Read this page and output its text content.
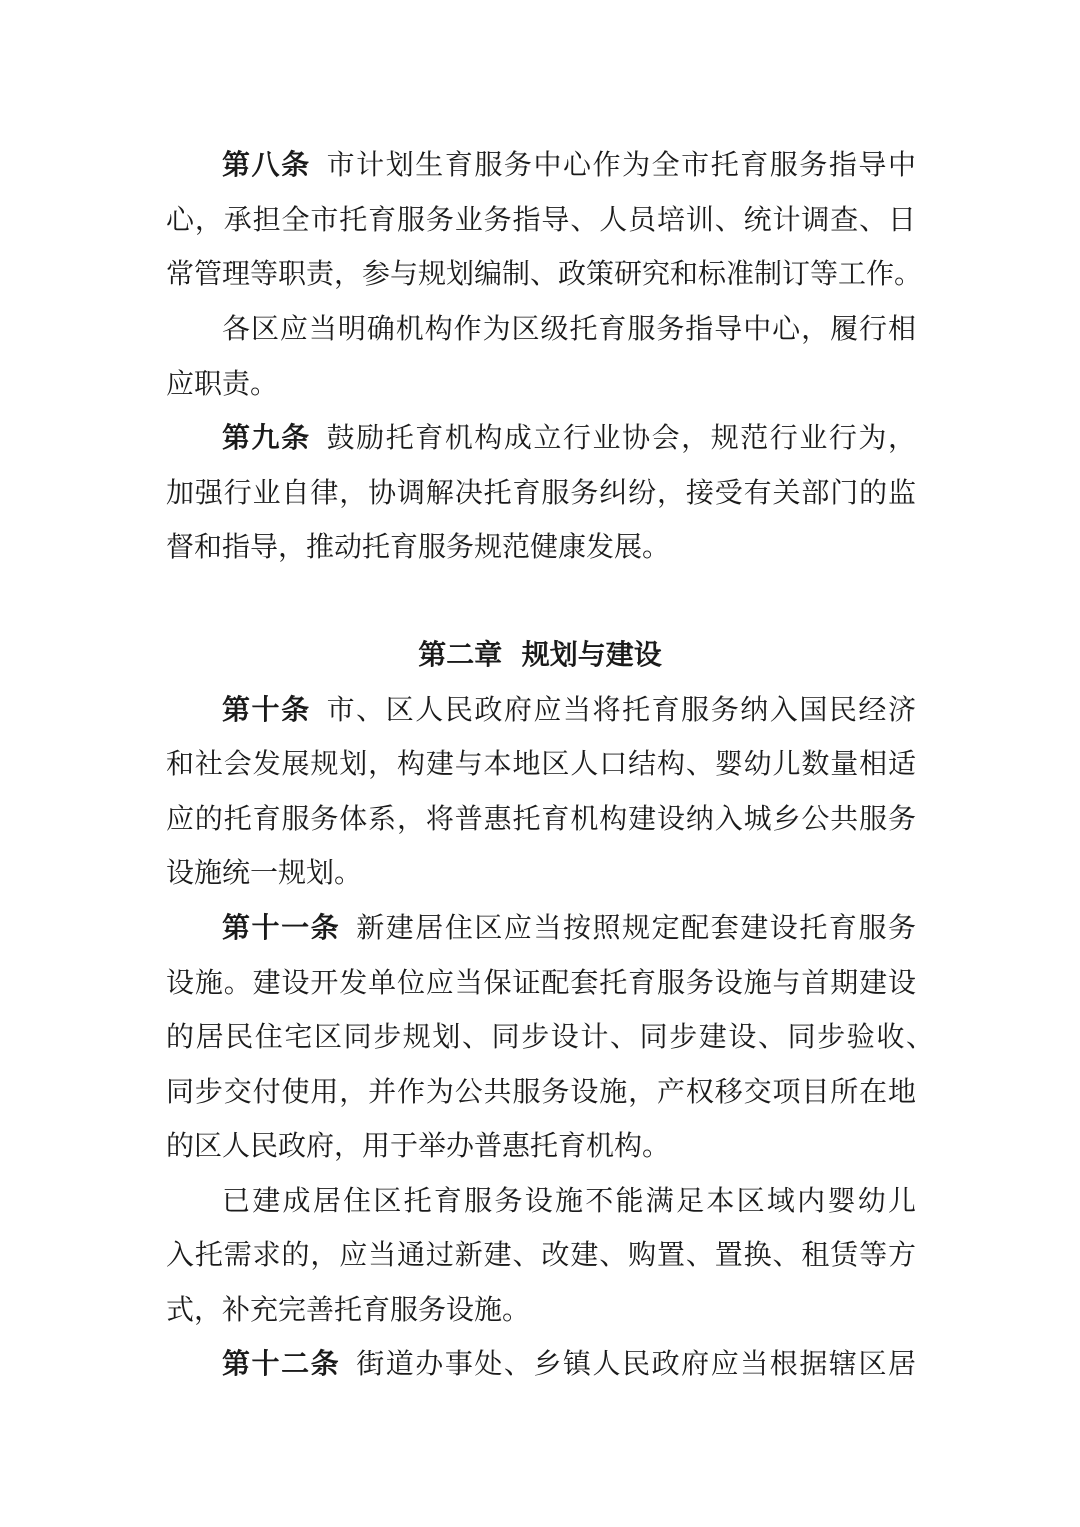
第八条 市计划生育服务中心作为全市托育服务指导中
心，承担全市托育服务业务指导、人员培训、统计调查、日
常管理等职责，参与规划编制、政策研究和标准制订等工作。
各区应当明确机构作为区级托育服务指导中心，履行相
应职责。
第九条 鼓励托育机构成立行业协会，规范行业行为，
加强行业自律，协调解决托育服务纠纷，接受有关部门的监
督和指导，推动托育服务规范健康发展。
第二章  规划与建设
第十条 市、区人民政府应当将托育服务纳入国民经济
和社会发展规划，构建与本地区人口结构、婴幼儿数量相适
应的托育服务体系，将普惠托育机构建设纳入城乡公共服务
设施统一规划。
第十一条 新建居住区应当按照规定配套建设托育服务
设施。建设开发单位应当保证配套托育服务设施与首期建设
的居民住宅区同步规划、同步设计、同步建设、同步验收、
同步交付使用，并作为公共服务设施，产权移交项目所在地
的区人民政府，用于举办普惠托育机构。
已建成居住区托育服务设施不能满足本区域内婴幼儿
入托需求的，应当通过新建、改建、购置、置换、租赁等方
式，补充完善托育服务设施。
第十二条 街道办事处、乡镇人民政府应当根据辖区居
